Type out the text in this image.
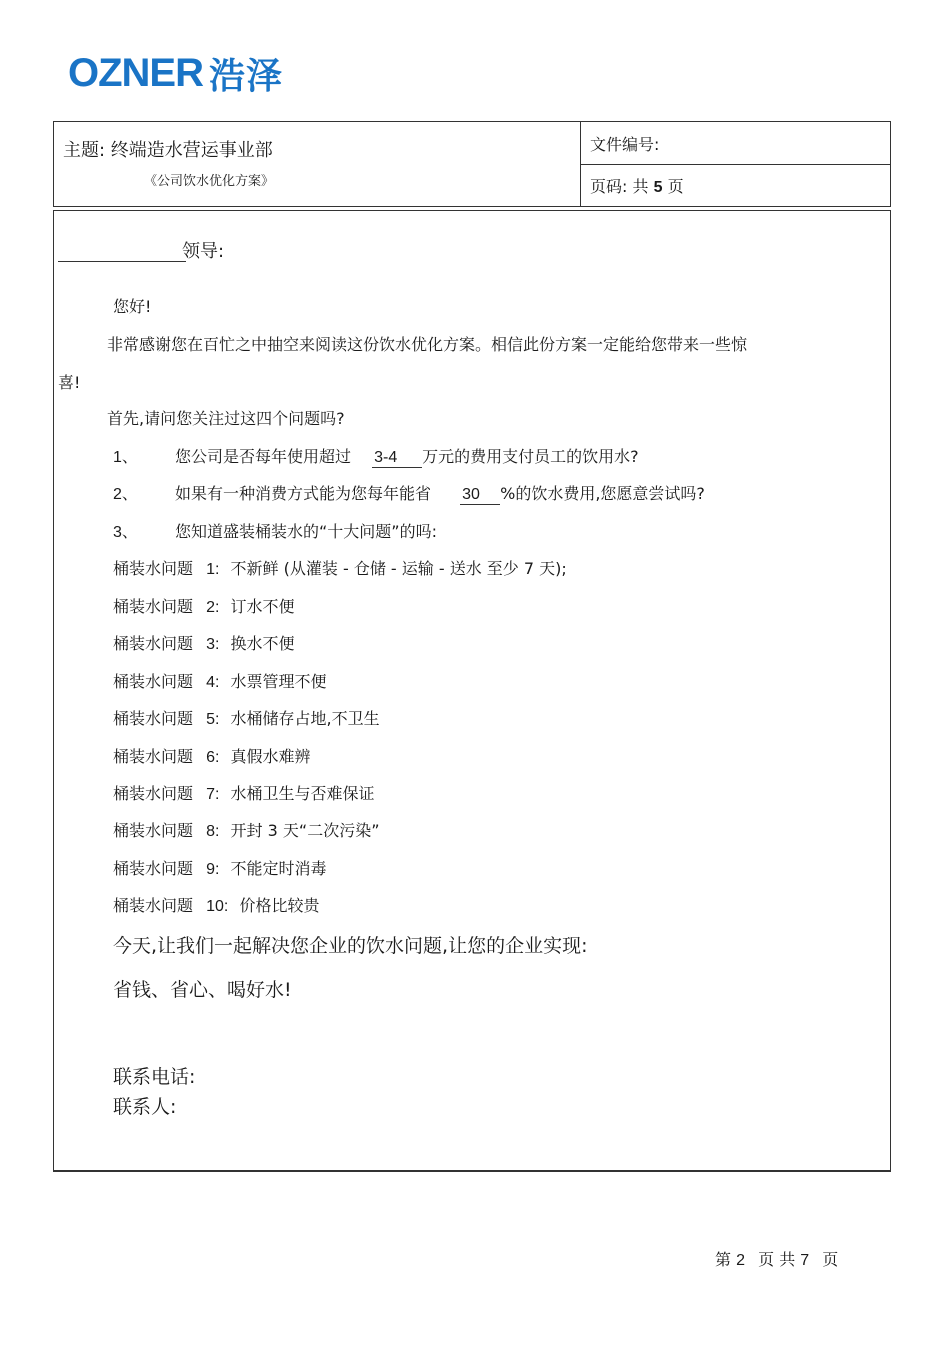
OZNER 浩泽
主题: 终端造水营运事业部
《公司饮水优化方案》
文件编号:
页码: 共 5 页
领导:
您好!
非常感谢您在百忙之中抽空来阅读这份饮水优化方案。相信此份方案一定能给您带来一些惊
喜!
首先,请问您关注过这四个问题吗?
1、 您公司是否每年使用超过 3-4 万元的费用支付员工的饮用水?
2、 如果有一种消费方式能为您每年能省 30 %的饮水费用,您愿意尝试吗?
3、 您知道盛装桶装水的“十大问题”的吗:
桶装水问题 1: 不新鲜 (从灌装 - 仓储 - 运输 - 送水 至少 7 天);
桶装水问题 2: 订水不便
桶装水问题 3: 换水不便
桶装水问题 4: 水票管理不便
桶装水问题 5: 水桶储存占地,不卫生
桶装水问题 6: 真假水难辨
桶装水问题 7: 水桶卫生与否难保证
桶装水问题 8: 开封 3 天“二次污染”
桶装水问题 9: 不能定时消毒
桶装水问题 10: 价格比较贵
今天,让我们一起解决您企业的饮水问题,让您的企业实现:
省钱、省心、喝好水!
联系电话:
联系人:
第 2 页 共 7 页
